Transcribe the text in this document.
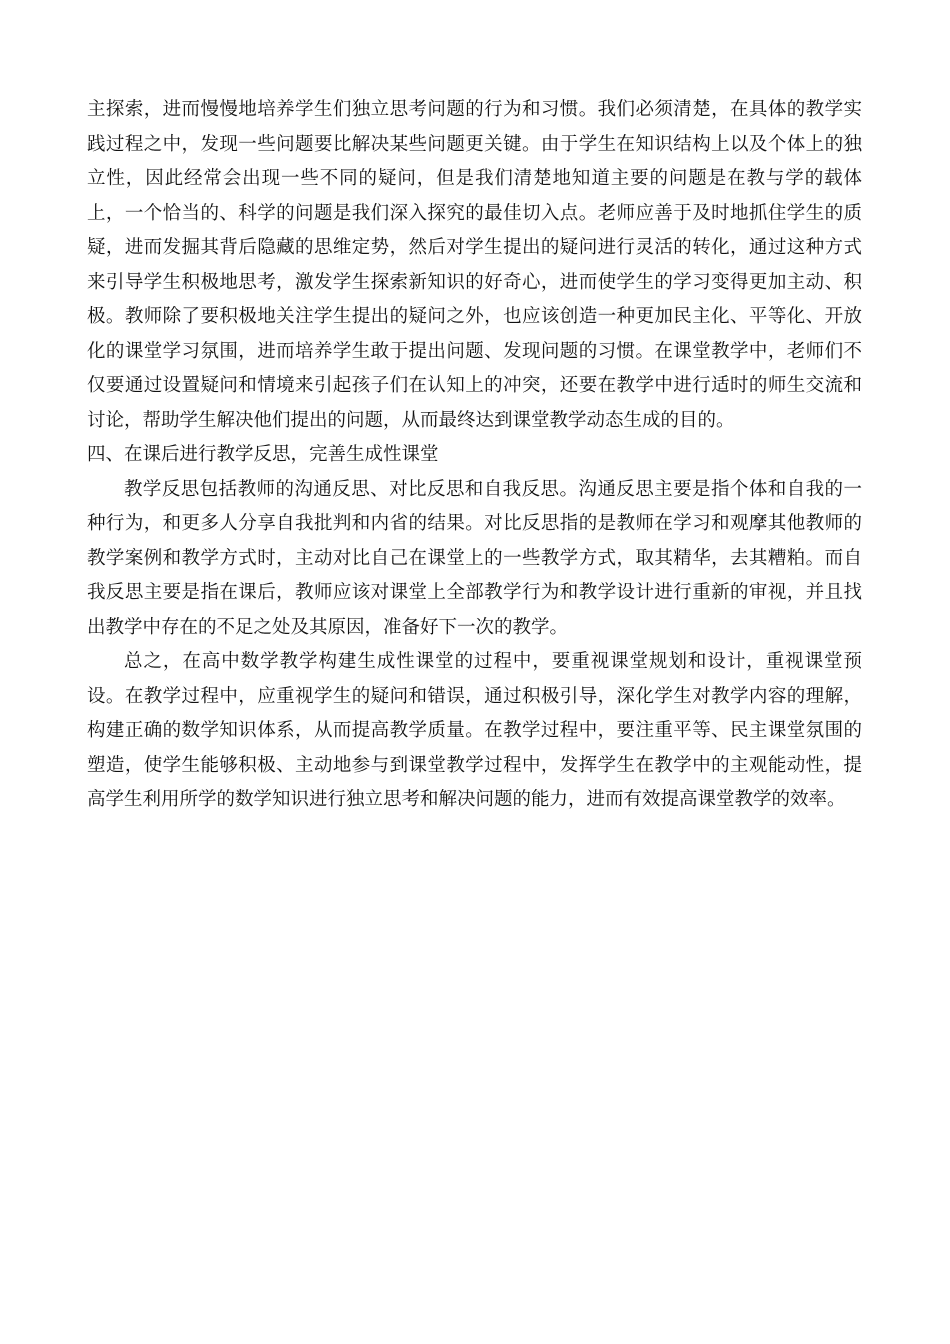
主探索，进而慢慢地培养学生们独立思考问题的行为和习惯。我们必须清楚，在具体的教学实践过程之中，发现一些问题要比解决某些问题更关键。由于学生在知识结构上以及个体上的独立性，因此经常会出现一些不同的疑问，但是我们清楚地知道主要的问题是在教与学的载体上，一个恰当的、科学的问题是我们深入探究的最佳切入点。老师应善于及时地抓住学生的质疑，进而发掘其背后隐藏的思维定势，然后对学生提出的疑问进行灵活的转化，通过这种方式来引导学生积极地思考，激发学生探索新知识的好奇心，进而使学生的学习变得更加主动、积极。教师除了要积极地关注学生提出的疑问之外，也应该创造一种更加民主化、平等化、开放化的课堂学习氛围，进而培养学生敢于提出问题、发现问题的习惯。在课堂教学中，老师们不仅要通过设置疑问和情境来引起孩子们在认知上的冲突，还要在教学中进行适时的师生交流和讨论，帮助学生解决他们提出的问题，从而最终达到课堂教学动态生成的目的。

四、在课后进行教学反思，完善生成性课堂

教学反思包括教师的沟通反思、对比反思和自我反思。沟通反思主要是指个体和自我的一种行为，和更多人分享自我批判和内省的结果。对比反思指的是教师在学习和观摩其他教师的教学案例和教学方式时，主动对比自己在课堂上的一些教学方式，取其精华，去其糟粕。而自我反思主要是指在课后，教师应该对课堂上全部教学行为和教学设计进行重新的审视，并且找出教学中存在的不足之处及其原因，准备好下一次的教学。

总之，在高中数学教学构建生成性课堂的过程中，要重视课堂规划和设计，重视课堂预设。在教学过程中，应重视学生的疑问和错误，通过积极引导，深化学生对教学内容的理解，构建正确的数学知识体系，从而提高教学质量。在教学过程中，要注重平等、民主课堂氛围的塑造，使学生能够积极、主动地参与到课堂教学过程中，发挥学生在教学中的主观能动性，提高学生利用所学的数学知识进行独立思考和解决问题的能力，进而有效提高课堂教学的效率。
